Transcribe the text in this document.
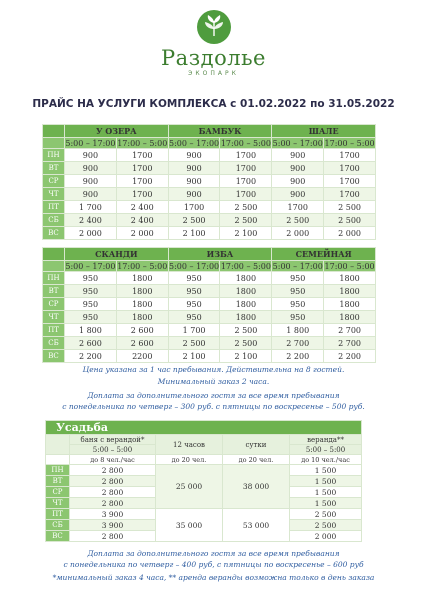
Раздолье
ЭКОПАРК
ПРАЙС НА УСЛУГИ КОМПЛЕКСА с 01.02.2022 по 31.05.2022
	У ОЗЕРА		БАМБУК		ШАЛЕ	
	5:00 – 17:00	17:00 – 5:00	5:00 – 17:00	17:00 – 5:00	5:00 – 17:00	17:00 – 5:00
ПН	900	1700	900	1700	900	1700
ВТ	900	1700	900	1700	900	1700
СР	900	1700	900	1700	900	1700
ЧТ	900	1700	900	1700	900	1700
ПТ	1 700	2 400	1700	2 500	1700	2 500
СБ	2 400	2 400	2 500	2 500	2 500	2 500
ВС	2 000	2 000	2 100	2 100	2 000	2 000
	СКАНДИ		ИЗБА		СЕМЕЙНАЯ	
	5:00 – 17:00	17:00 – 5:00	5:00 – 17:00	17:00 – 5:00	5:00 – 17:00	17:00 – 5:00
ПН	950	1800	950	1800	950	1800
ВТ	950	1800	950	1800	950	1800
СР	950	1800	950	1800	950	1800
ЧТ	950	1800	950	1800	950	1800
ПТ	1 800	2 600	1 700	2 500	1 800	2 700
СБ	2 600	2 600	2 500	2 500	2 700	2 700
ВС	2 200	2200	2 100	2 100	2 200	2 200
Цена указана за 1 час пребывания. Действительна на 8 гостей.
Минимальный заказ 2 часа.
Доплата за дополнительного гостя за все время пребывания
с понедельника по четверг – 300 руб. с пятницы по воскресенье – 500 руб.
Усадьба				
	баня с верандой*	12 часов	сутки	веранда**
	5:00 – 5:00			5:00 – 5:00
	до 8 чел./час	до 20 чел.	до 20 чел.	до 10 чел./час
ПН	2 800	25 000	38 000	1 500
ВТ	2 800			1 500
СР	2 800			1 500
ЧТ	2 800			1 500
ПТ	3 900	35 000	53 000	2 500
СБ	3 900			2 500
ВС	2 800			2 000
Доплата за дополнительного гостя за все время пребывания
с понедельника по четверг – 400 руб, с пятницы по воскресенье – 600 руб
*минимальный заказ 4 часа, ** аренда веранды возможна только в день заказа
